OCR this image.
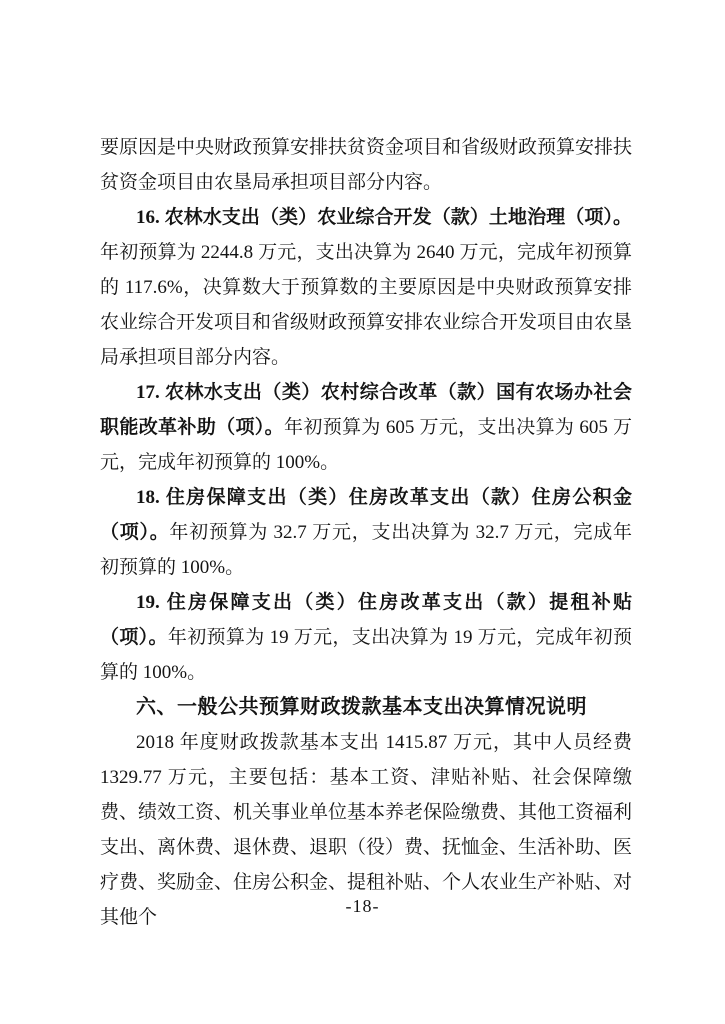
要原因是中央财政预算安排扶贫资金项目和省级财政预算安排扶贫资金项目由农垦局承担项目部分内容。

16. 农林水支出（类）农业综合开发（款）土地治理（项）。年初预算为 2244.8 万元，支出决算为 2640 万元，完成年初预算的 117.6%，决算数大于预算数的主要原因是中央财政预算安排农业综合开发项目和省级财政预算安排农业综合开发项目由农垦局承担项目部分内容。

17. 农林水支出（类）农村综合改革（款）国有农场办社会职能改革补助（项）。年初预算为 605 万元，支出决算为 605 万元，完成年初预算的 100%。

18. 住房保障支出（类）住房改革支出（款）住房公积金（项）。年初预算为 32.7 万元，支出决算为 32.7 万元，完成年初预算的 100%。

19. 住房保障支出（类）住房改革支出（款）提租补贴（项）。年初预算为 19 万元，支出决算为 19 万元，完成年初预算的 100%。

六、一般公共预算财政拨款基本支出决算情况说明

2018 年度财政拨款基本支出 1415.87 万元，其中人员经费 1329.77 万元，主要包括：基本工资、津贴补贴、社会保障缴费、绩效工资、机关事业单位基本养老保险缴费、其他工资福利支出、离休费、退休费、退职（役）费、抚恤金、生活补助、医疗费、奖励金、住房公积金、提租补贴、个人农业生产补贴、对其他个

-18-
